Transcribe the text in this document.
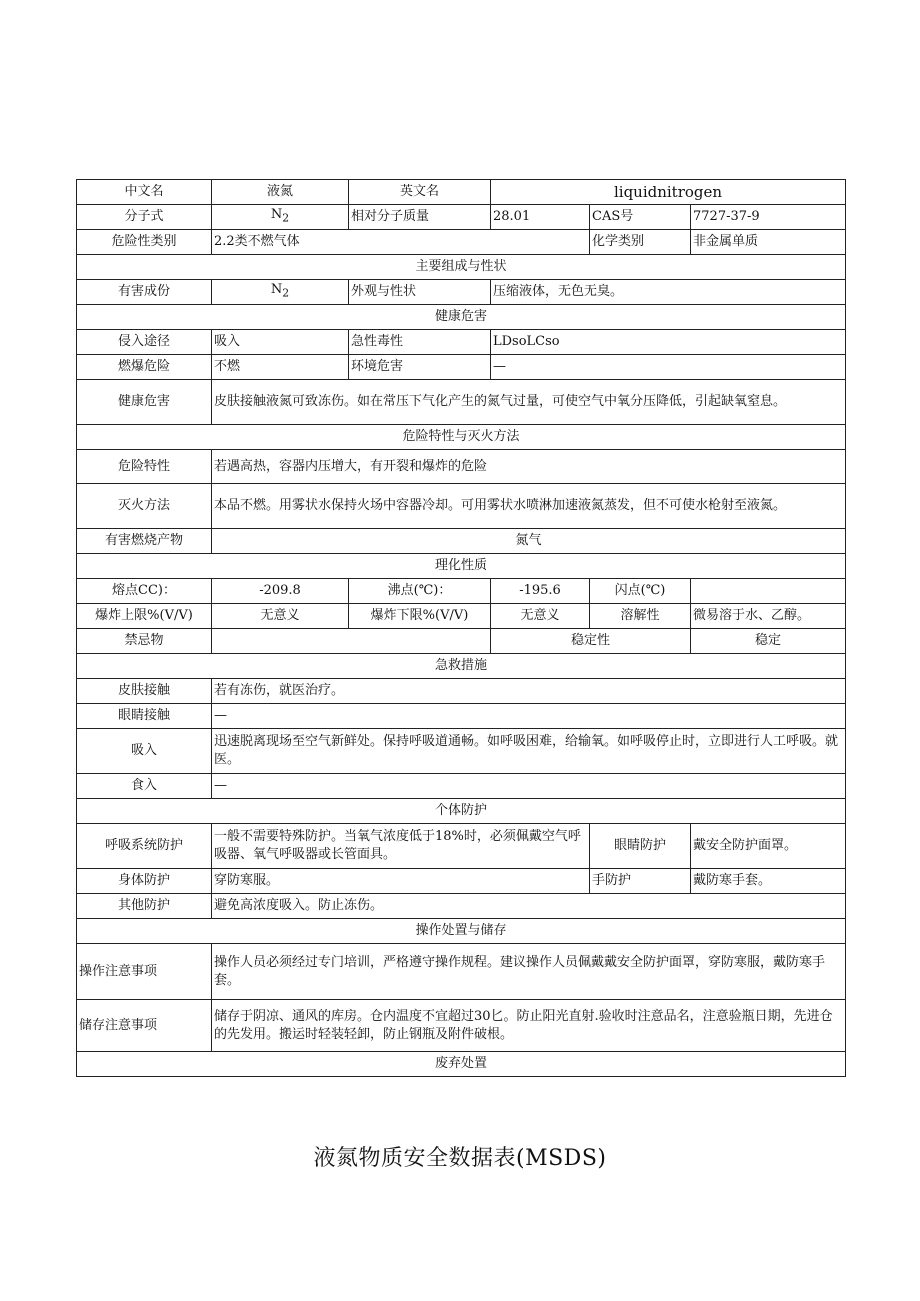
中文名	液氮	英文名	liquidnitrogen		
分子式	$N_2$	相对分子质量	28.01	CAS号	7727-37-9
危险性类别	2.2类不燃气体			化学类别	非金属单质
主要组成与性状					
有害成份	$N_2$	外观与性状	压缩液体，无色无臭。		
健康危害					
侵入途径	吸入	急性毒性	LDsoLCso		
燃爆危险	不燃	环境危害	—		
健康危害	皮肤接触液氮可致冻伤。如在常压下气化产生的氮气过量，可使空气中氧分压降低，引起缺氧窒息。				
危险特性与灭火方法					
危险特性	若遇高热，容器内压增大，有开裂和爆炸的危险				
灭火方法	本品不燃。用雾状水保持火场中容器冷却。可用雾状水喷淋加速液氮蒸发，但不可使水枪射至液氮。				
有害燃烧产物	氮气				
理化性质					
熔点CC)：	-209.8	沸点(℃)：	-195.6	闪点(℃)	
爆炸上限%(V/V)	无意义	爆炸下限%(V/V)	无意义	溶解性	微易溶于水、乙醇。
禁忌物			稳定性		稳定
急救措施					
皮肤接触	若有冻伤，就医治疗。				
眼睛接触	—				
吸入	迅速脱离现场至空气新鲜处。保持呼吸道通畅。如呼吸困难，给输氧。如呼吸停止时，立即进行人工呼吸。就医。				
食入	—				
个体防护					
呼吸系统防护	一般不需要特殊防护。当氧气浓度低于18%时，必须佩戴空气呼吸器、氧气呼吸器或长管面具。			眼睛防护	戴安全防护面罩。
身体防护	穿防寒服。			手防护	戴防寒手套。
其他防护	避免高浓度吸入。防止冻伤。				
操作处置与储存					
操作注意事项	操作人员必须经过专门培训，严格遵守操作规程。建议操作人员佩戴戴安全防护面罩，穿防寒服，戴防寒手套。				
储存注意事项	储存于阴凉、通风的库房。仓内温度不宜超过30匕。防止阳光直射.验收时注意品名，注意验瓶日期，先进仓的先发用。搬运时轻装轻卸，防止钢瓶及附件破根。				
废弃处置					
液氮物质安全数据表(MSDS)
